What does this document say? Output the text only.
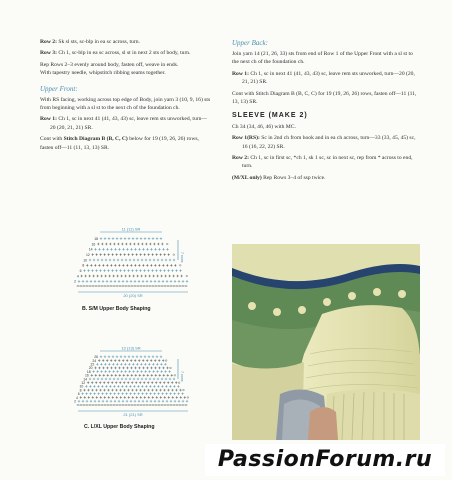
Row 2: Sk sl sts, sc-blp in ea sc across, turn.

Row 3: Ch 1, sc-blp in ea sc across, sl st in next 2 sts of body, turn.

Rep Rows 2–3 evenly around body, fasten off, weave in ends.

With tapestry needle, whipstitch ribbing seams together.

Upper Front:

With RS facing, working across top edge of Body, join yarn 3 (10, 9, 16) sts from beginning with a sl st to the next ch of the foundation ch.

Row 1: Ch 1, sc in next 41 (41, 43, 43) sc, leave rem sts unworked, turn—20 (20, 21, 21) SR.

Cont with Stitch Diagram B (B, C, C) below for 19 (19, 26, 26) rows, fasten off—11 (11, 13, 13) SR.

11 (11) SR
7 rows
18
16
14
12
10
8
6
4
2
20 (20) SR
B. S/M Upper Body Shaping
13 (13) SR
7 rows
26
24
22
20
18
16
14
12
10
8
6
4
2
21 (21) SR
C. L/XL Upper Body Shaping
Upper Back:

Join yarn 14 (21, 26, 33) sts from end of Row 1 of the Upper Front with a sl st to the next ch of the foundation ch.

Row 1: Ch 1, sc in next 41 (41, 43, 43) sc, leave rem sts unworked, turn—20 (20, 21, 21) SR.

Cont with Stitch Diagram B (B, C, C) for 19 (19, 26, 26) rows, fasten off—11 (11, 13, 13) SR.

SLEEVE (MAKE 2)

Ch 34 (34, 46, 46) with MC.

Row 1(RS): Sc in 2nd ch from hook and in ea ch across, turn—33 (33, 45, 45) sc, 16 (16, 22, 22) SR.

Row 2: Ch 1, sc in first sc, *ch 1, sk 1 sc, sc in next sc, rep from * across to end, turn.

(M/XL only) Rep Rows 3–4 of ssp twice.

PassionForum.ru
